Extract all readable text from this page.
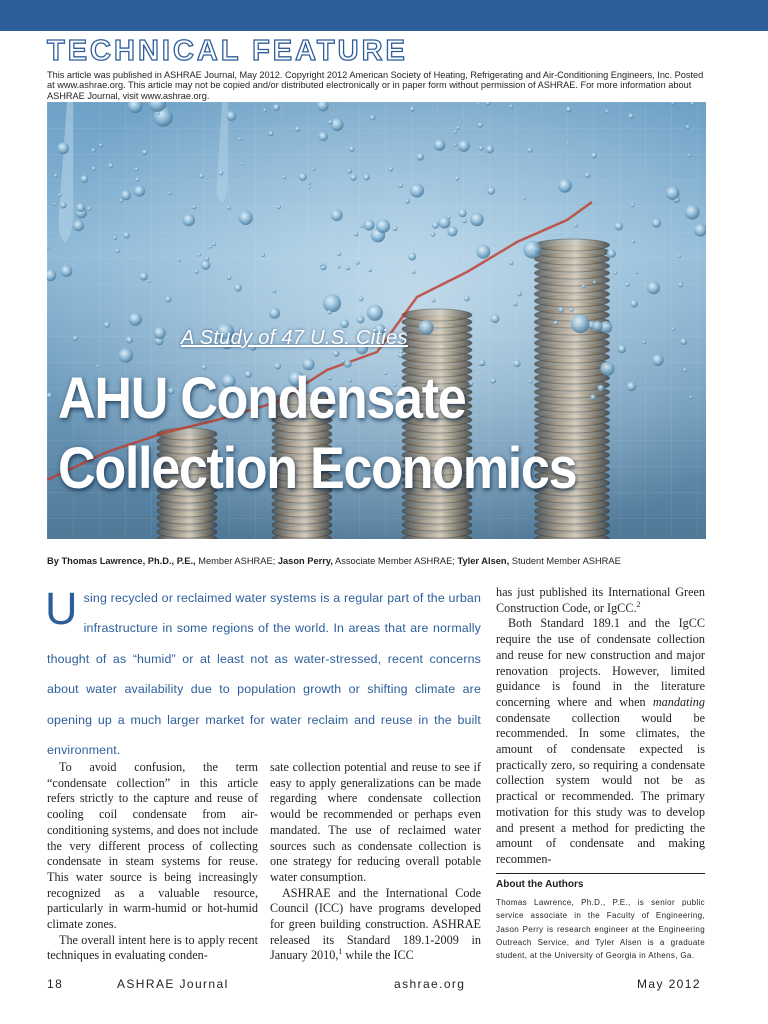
TECHNICAL FEATURE
This article was published in ASHRAE Journal, May 2012. Copyright 2012 American Society of Heating, Refrigerating and Air-Conditioning Engineers, Inc. Posted at www.ashrae.org. This article may not be copied and/or distributed electronically or in paper form without permission of ASHRAE. For more information about ASHRAE Journal, visit www.ashrae.org.
A Study of 47 U.S. Cities
AHU Condensate
Collection Economics
By Thomas Lawrence, Ph.D., P.E., Member ASHRAE; Jason Perry, Associate Member ASHRAE; Tyler Alsen, Student Member ASHRAE
Using recycled or reclaimed water systems is a regular part of the urban infrastructure in some regions of the world. In areas that are normally thought of as “humid” or at least not as water-stressed, recent concerns about water availability due to population growth or shifting climate are opening up a much larger market for water reclaim and reuse in the built environment.

To avoid confusion, the term “condensate collection” in this article refers strictly to the capture and reuse of cooling coil condensate from air-conditioning systems, and does not include the very different process of collecting condensate in steam systems for reuse. This water source is being increasingly recognized as a valuable resource, particularly in warm-humid or hot-humid climate zones.

The overall intent here is to apply recent techniques in evaluating conden-

sate collection potential and reuse to see if easy to apply generalizations can be made regarding where condensate collection would be recommended or perhaps even mandated. The use of reclaimed water sources such as condensate collection is one strategy for reducing overall potable water consumption.

ASHRAE and the International Code Council (ICC) have programs developed for green building construction. ASHRAE released its Standard 189.1-2009 in January 2010,$^1$ while the ICC

has just published its International Green Construction Code, or IgCC.$^2$

Both Standard 189.1 and the IgCC require the use of condensate collection and reuse for new construction and major renovation projects. However, limited guidance is found in the literature concerning where and when mandating condensate collection would be recommended. In some climates, the amount of condensate expected is practically zero, so requiring a condensate collection system would not be as practical or recommended. The primary motivation for this study was to develop and present a method for predicting the amount of condensate and making recommen-

About the Authors
Thomas Lawrence, Ph.D., P.E., is senior public service associate in the Faculty of Engineering, Jason Perry is research engineer at the Engineering Outreach Service, and Tyler Alsen is a graduate student, at the University of Georgia in Athens, Ga.
18	ASHRAE Journal	ashrae.org	May 2012
